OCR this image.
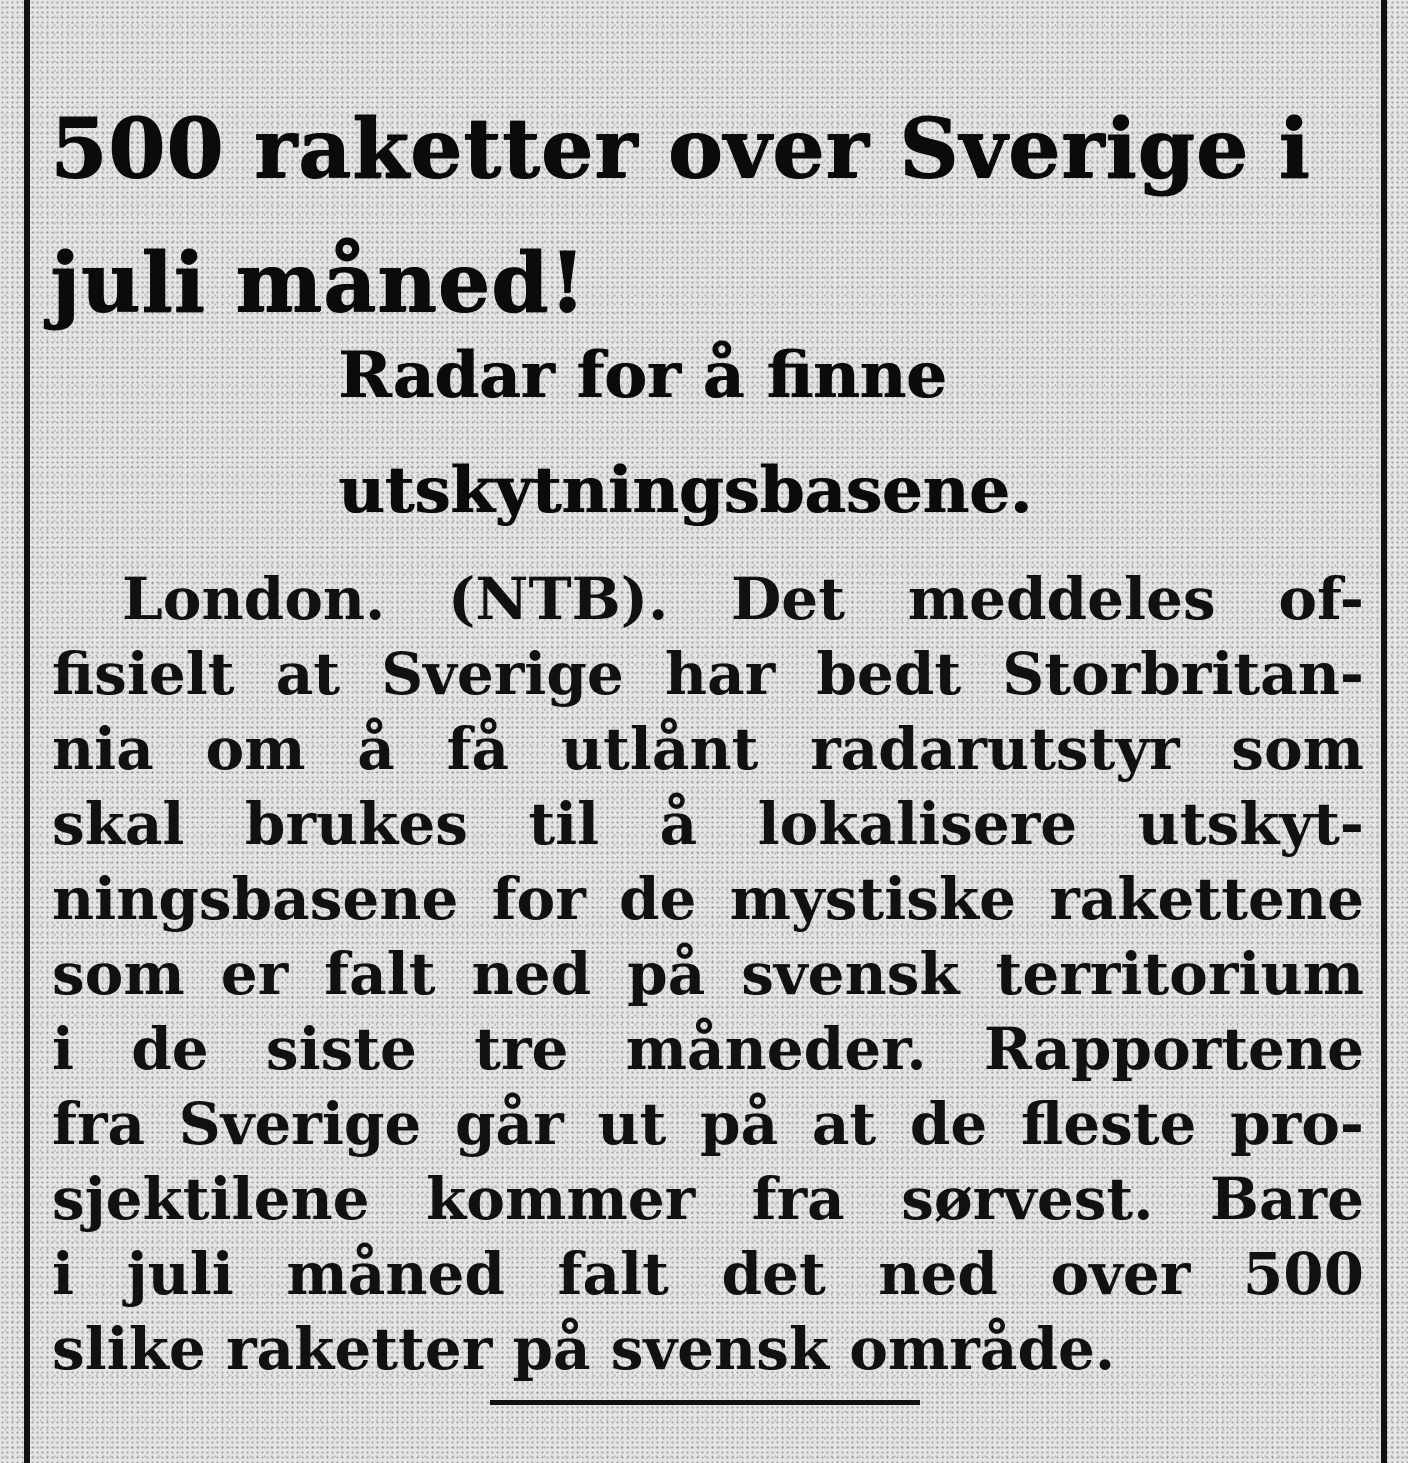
500 raketter over Sverige i juli måned!
Radar for å finne utskytningsbasene.
London. (NTB). Det meddeles of-
fisielt at Sverige har bedt Storbritan-
nia om å få utlånt radarutstyr som
skal brukes til å lokalisere utskyt-
ningsbasene for de mystiske rakettene
som er falt ned på svensk territorium
i de siste tre måneder. Rapportene
fra Sverige går ut på at de fleste pro-
sjektilene kommer fra sørvest. Bare
i juli måned falt det ned over 500
slike raketter på svensk område.
